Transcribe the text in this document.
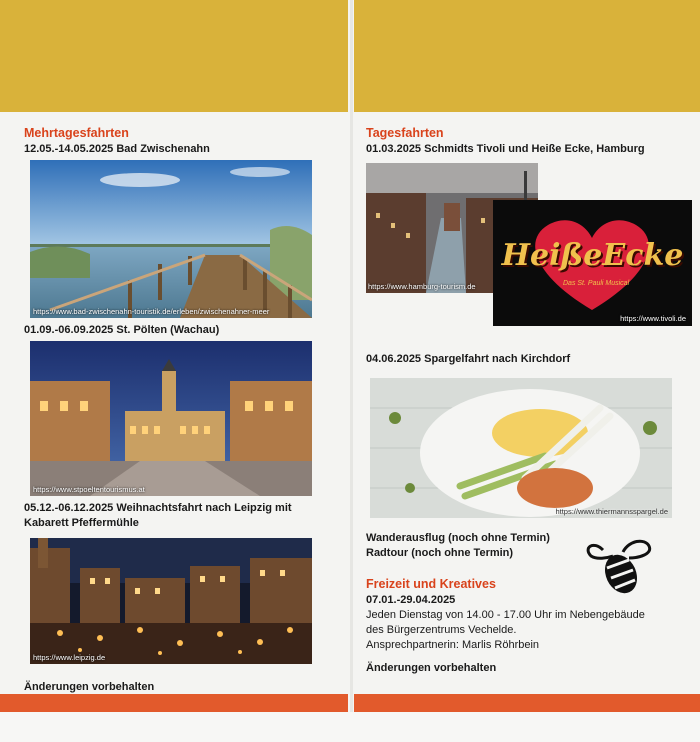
Mehrtagesfahrten
12.05.-14.05.2025 Bad Zwischenahn
https://www.bad-zwischenahn-touristik.de/erleben/zwischenahner-meer
01.09.-06.09.2025 St. Pölten (Wachau)
https://www.stpoeltentourismus.at
05.12.-06.12.2025 Weihnachtsfahrt nach Leipzig mit
Kabarett Pfeffermühle
https://www.leipzig.de
Änderungen vorbehalten
Tagesfahrten
01.03.2025 Schmidts Tivoli und Heiße Ecke, Hamburg
https://www.hamburg-tourism.de
HeißeEcke
Das St. Pauli Musical
https://www.tivoli.de
04.06.2025 Spargelfahrt nach Kirchdorf
https://www.thiermannsspargel.de
Wanderausflug (noch ohne Termin)
Radtour (noch ohne Termin)
Freizeit und Kreatives
07.01.-29.04.2025
Jeden Dienstag von 14.00 - 17.00 Uhr im Nebengebäude
des Bürgerzentrums Vechelde.
Ansprechpartnerin: Marlis Röhrbein
Änderungen vorbehalten
